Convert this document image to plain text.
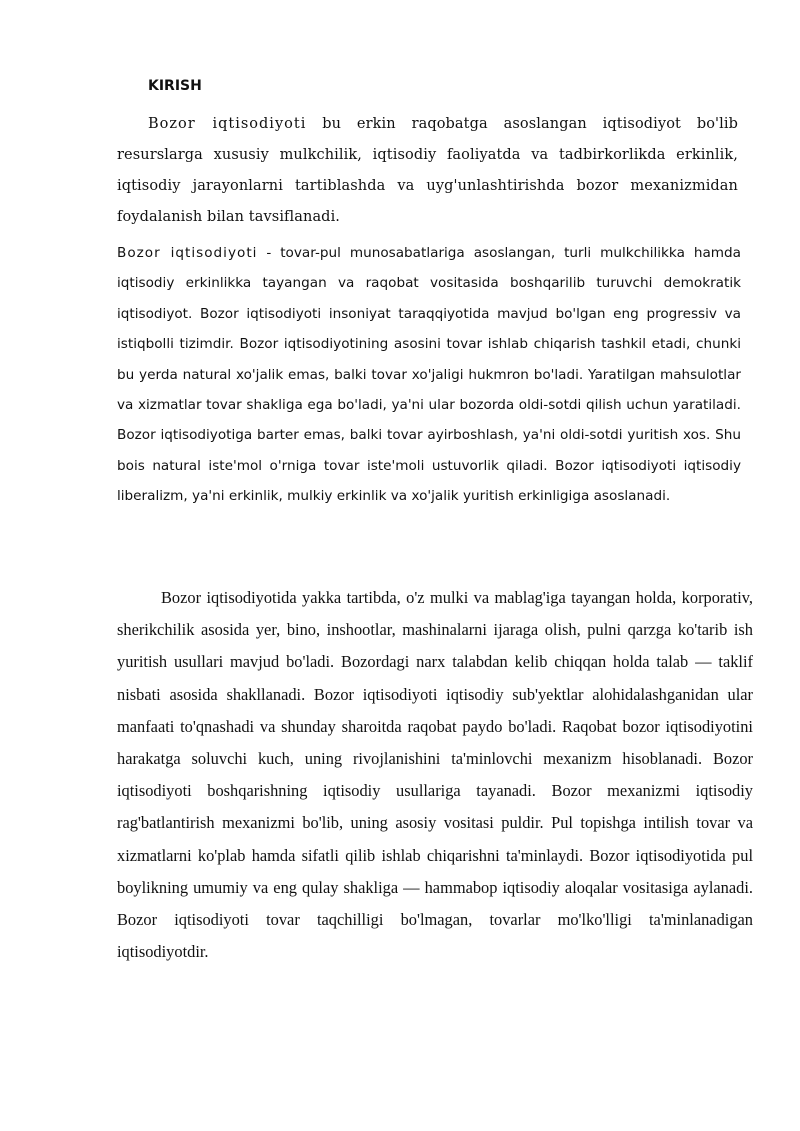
KIRISH

Bozor iqtisodiyoti bu erkin raqobatga asoslangan iqtisodiyot bo'lib resurslarga xususiy mulkchilik, iqtisodiy faoliyatda va tadbirkorlikda erkinlik, iqtisodiy jarayonlarni tartiblashda va uyg'unlashtirishda bozor mexanizmidan foydalanish bilan tavsiflanadi.

Bozor iqtisodiyoti - tovar-pul munosabatlariga asoslangan, turli mulkchilikka hamda iqtisodiy erkinlikka tayangan va raqobat vositasida boshqarilib turuvchi demokratik iqtisodiyot. Bozor iqtisodiyoti insoniyat taraqqiyotida mavjud bo'lgan eng progressiv va istiqbolli tizimdir. Bozor iqtisodiyotining asosini tovar ishlab chiqarish tashkil etadi, chunki bu yerda natural xo'jalik emas, balki tovar xo'jaligi hukmron bo'ladi. Yaratilgan mahsulotlar va xizmatlar tovar shakliga ega bo'ladi, ya'ni ular bozorda oldi-sotdi qilish uchun yaratiladi. Bozor iqtisodiyotiga barter emas, balki tovar ayirboshlash, ya'ni oldi-sotdi yuritish xos. Shu bois natural iste'mol o'rniga tovar iste'moli ustuvorlik qiladi. Bozor iqtisodiyoti iqtisodiy liberalizm, ya'ni erkinlik, mulkiy erkinlik va xo'jalik yuritish erkinligiga asoslanadi.

Bozor iqtisodiyotida yakka tartibda, o'z mulki va mablag'iga tayangan holda, korporativ, sherikchilik asosida yer, bino, inshootlar, mashinalarni ijaraga olish, pulni qarzga ko'tarib ish yuritish usullari mavjud bo'ladi. Bozordagi narx talabdan kelib chiqqan holda talab — taklif nisbati asosida shakllanadi. Bozor iqtisodiyoti iqtisodiy sub'yektlar alohidalashganidan ular manfaati to'qnashadi va shunday sharoitda raqobat paydo bo'ladi. Raqobat bozor iqtisodiyotini harakatga soluvchi kuch, uning rivojlanishini ta'minlovchi mexanizm hisoblanadi. Bozor iqtisodiyoti boshqarishning iqtisodiy usullariga tayanadi. Bozor mexanizmi iqtisodiy rag'batlantirish mexanizmi bo'lib, uning asosiy vositasi puldir. Pul topishga intilish tovar va xizmatlarni ko'plab hamda sifatli qilib ishlab chiqarishni ta'minlaydi. Bozor iqtisodiyotida pul boylikning umumiy va eng qulay shakliga — hammabop iqtisodiy aloqalar vositasiga aylanadi. Bozor iqtisodiyoti tovar taqchilligi bo'lmagan, tovarlar mo'lko'lligi ta'minlanadigan iqtisodiyotdir.
